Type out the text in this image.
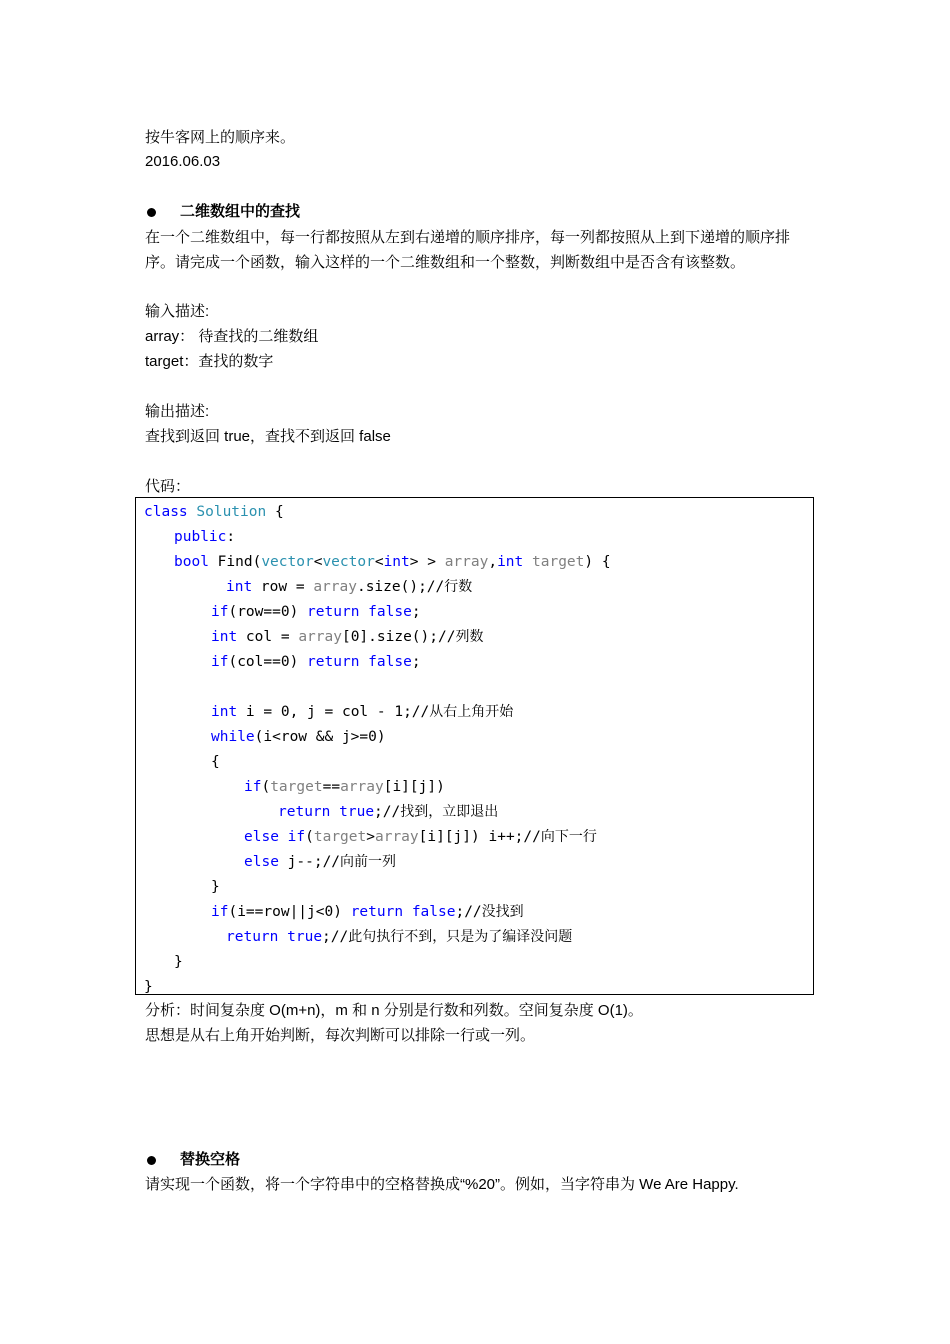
按牛客网上的顺序来。
2016.06.03
二维数组中的查找
在一个二维数组中，每一行都按照从左到右递增的顺序排序，每一列都按照从上到下递增的顺序排序。请完成一个函数，输入这样的一个二维数组和一个整数，判断数组中是否含有该整数。
输入描述:
array： 待查找的二维数组
target：查找的数字
输出描述:
查找到返回 true，查找不到返回 false
代码：
class Solution {
public:
bool Find(vector<vector<int> > array,int target) {
int row = array.size();//行数
if(row==0) return false;
int col = array[0].size();//列数
if(col==0) return false;
int i = 0, j = col - 1;//从右上角开始
while(i<row && j>=0)
{
if(target==array[i][j])
return true;//找到，立即退出
else if(target>array[i][j]) i++;//向下一行
else j--;//向前一列
}
if(i==row||j<0) return false;//没找到
return true;//此句执行不到，只是为了编译没问题
}
}
分析：时间复杂度 O(m+n)，m 和 n 分别是行数和列数。空间复杂度 O(1)。
思想是从右上角开始判断，每次判断可以排除一行或一列。
替换空格
请实现一个函数，将一个字符串中的空格替换成“%20”。例如，当字符串为 We Are Happy.
